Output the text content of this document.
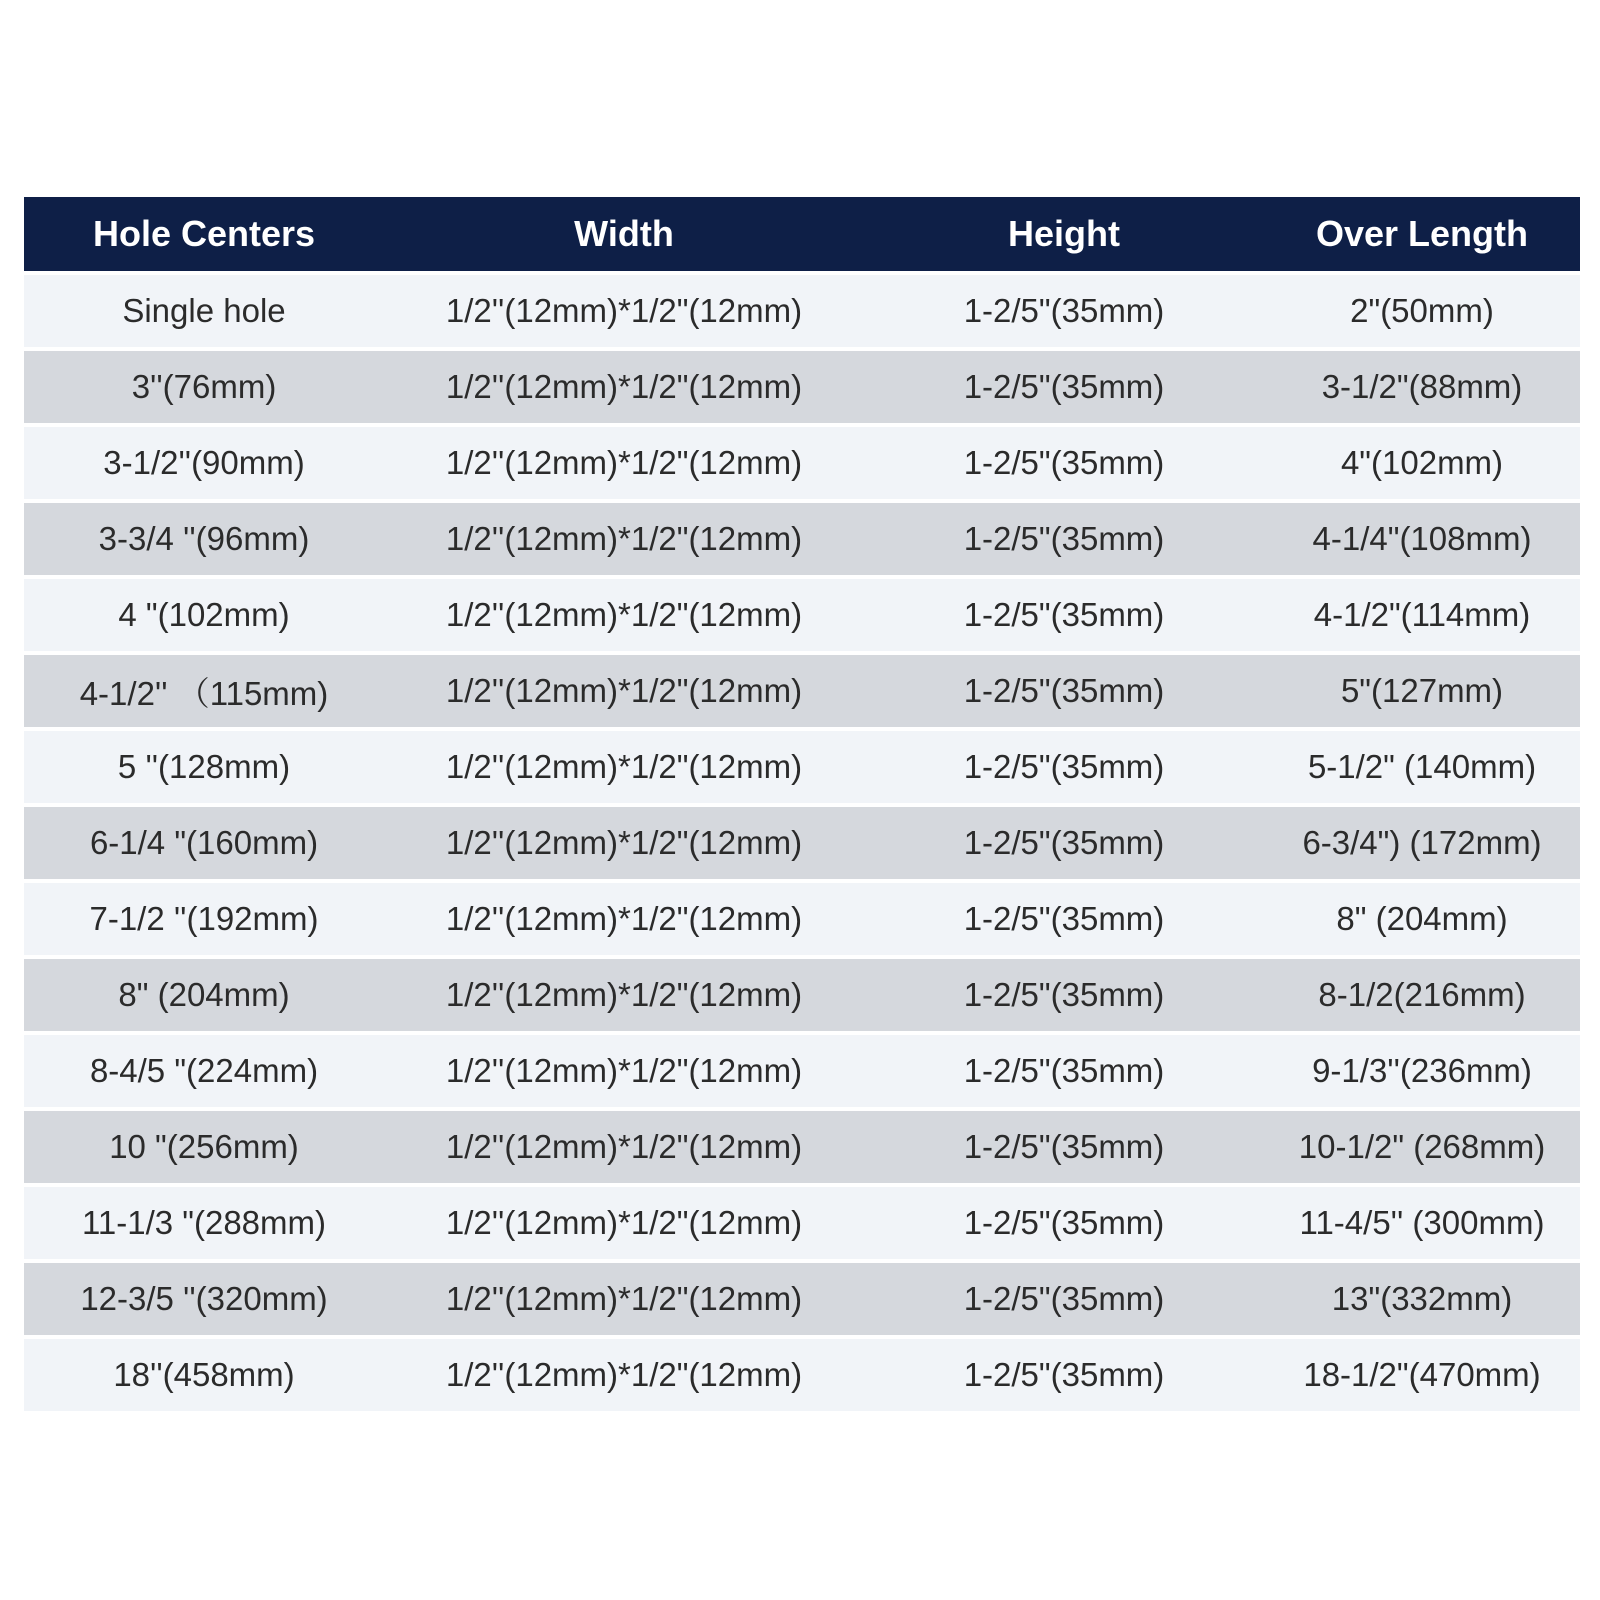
Hole Centers	Width	Height	Over Length
Single hole	1/2''(12mm)*1/2"(12mm)	1-2/5"(35mm)	2"(50mm)
3''(76mm)	1/2''(12mm)*1/2"(12mm)	1-2/5"(35mm)	3-1/2"(88mm)
3-1/2''(90mm)	1/2''(12mm)*1/2"(12mm)	1-2/5"(35mm)	4"(102mm)
3-3/4 ''(96mm)	1/2''(12mm)*1/2"(12mm)	1-2/5"(35mm)	4-1/4"(108mm)
4 "(102mm)	1/2''(12mm)*1/2"(12mm)	1-2/5"(35mm)	4-1/2"(114mm)
4-1/2'' （115mm)	1/2''(12mm)*1/2"(12mm)	1-2/5"(35mm)	5"(127mm)
5 ''(128mm)	1/2''(12mm)*1/2"(12mm)	1-2/5"(35mm)	5-1/2" (140mm)
6-1/4 "(160mm)	1/2''(12mm)*1/2"(12mm)	1-2/5"(35mm)	6-3/4") (172mm)
7-1/2 ''(192mm)	1/2''(12mm)*1/2"(12mm)	1-2/5"(35mm)	8" (204mm)
8" (204mm)	1/2''(12mm)*1/2"(12mm)	1-2/5"(35mm)	8-1/2(216mm)
8-4/5 "(224mm)	1/2''(12mm)*1/2"(12mm)	1-2/5"(35mm)	9-1/3''(236mm)
10 "(256mm)	1/2''(12mm)*1/2"(12mm)	1-2/5"(35mm)	10-1/2" (268mm)
11-1/3 "(288mm)	1/2''(12mm)*1/2"(12mm)	1-2/5"(35mm)	11-4/5'' (300mm)
12-3/5 ''(320mm)	1/2''(12mm)*1/2"(12mm)	1-2/5"(35mm)	13"(332mm)
18''(458mm)	1/2''(12mm)*1/2"(12mm)	1-2/5"(35mm)	18-1/2"(470mm)
